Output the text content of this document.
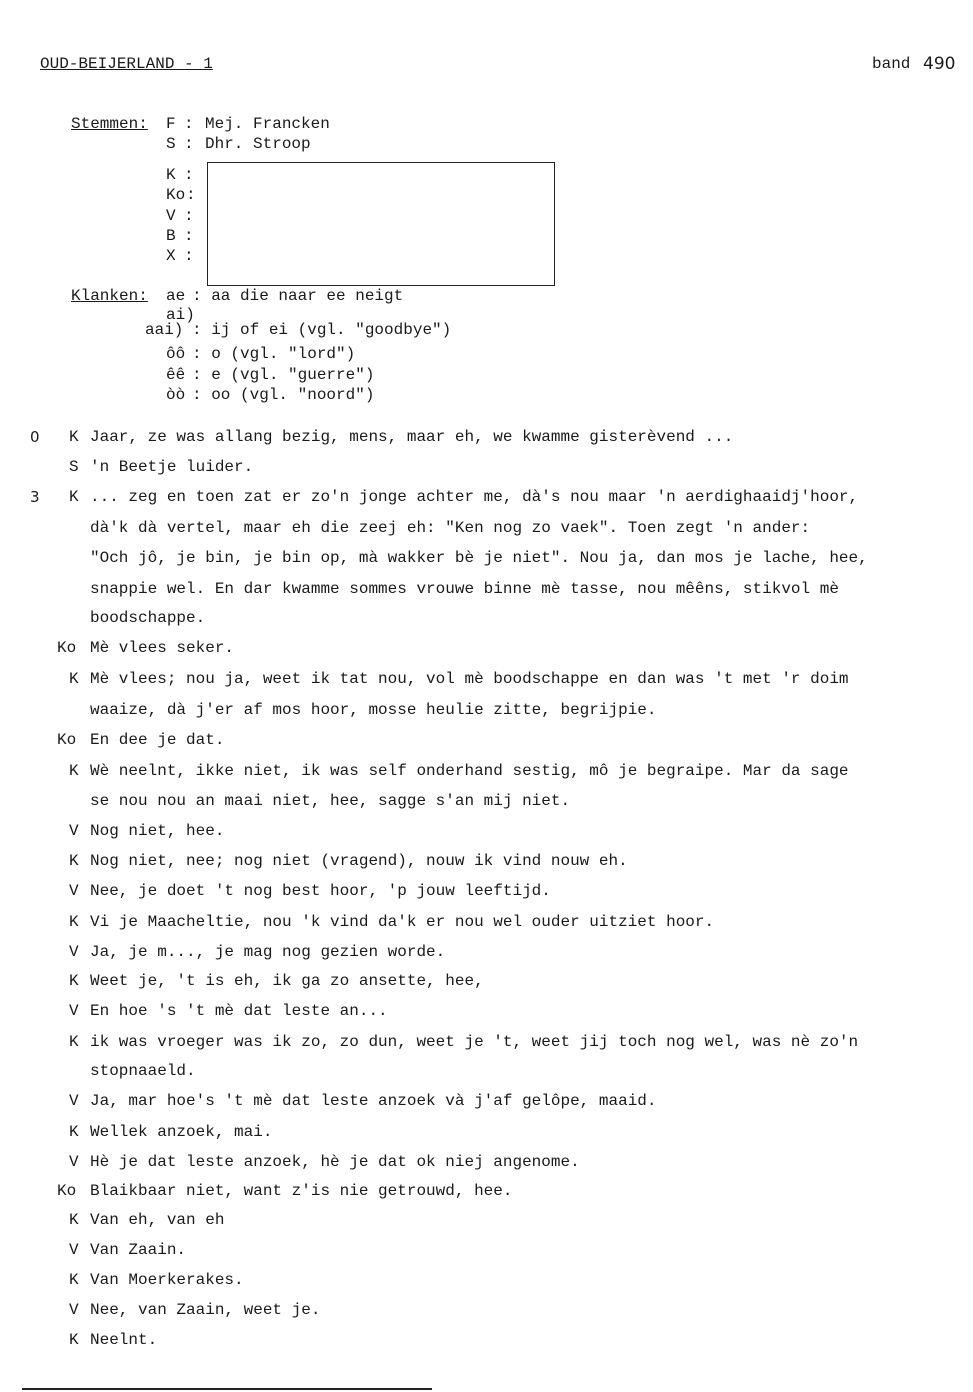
OUD-BEIJERLAND - 1	band 490
Stemmen: F : Mej. Francken
S : Dhr. Stroop
K :
Ko :
V :
B :
X :
Klanken: ae : aa die naar ee neigt
ai)
aai) : ij of ei (vgl. "goodbye")
ôô : o (vgl. "lord")
êê : e (vgl. "guerre")
òò : oo (vgl. "noord")
0
3
K Jaar, ze was allang bezig, mens, maar eh, we kwamme gisterèvend ...
S 'n Beetje luider.
K ... zeg en toen zat er zo'n jonge achter me, dà's nou maar 'n aerdighaaidj'hoor,
dà'k dà vertel, maar eh die zeej eh: "Ken nog zo vaek". Toen zegt 'n ander:
"Och jô, je bin, je bin op, mà wakker bè je niet". Nou ja, dan mos je lache, hee,
snappie wel. En dar kwamme sommes vrouwe binne mè tasse, nou mêêns, stikvol mè
boodschappe.
Ko Mè vlees seker.
K Mè vlees; nou ja, weet ik tat nou, vol mè boodschappe en dan was 't met 'r doim
waaize, dà j'er af mos hoor, mosse heulie zitte, begrijpie.
Ko En dee je dat.
K Wè neelnt, ikke niet, ik was self onderhand sestig, mô je begraipe. Mar da sage
se nou nou an maai niet, hee, sagge s'an mij niet.
V Nog niet, hee.
K Nog niet, nee; nog niet (vragend), nouw ik vind nouw eh.
V Nee, je doet 't nog best hoor, 'p jouw leeftijd.
K Vi je Maacheltie, nou 'k vind da'k er nou wel ouder uitziet hoor.
V Ja, je m..., je mag nog gezien worde.
K Weet je, 't is eh, ik ga zo ansette, hee,
V En hoe 's 't mè dat leste an...
K ik was vroeger was ik zo, zo dun, weet je 't, weet jij toch nog wel, was nè zo'n
stopnaaeld.
V Ja, mar hoe's 't mè dat leste anzoek và j'af gelôpe, maaid.
K Wellek anzoek, mai.
V Hè je dat leste anzoek, hè je dat ok niej angenome.
Ko Blaikbaar niet, want z'is nie getrouwd, hee.
K Van eh, van eh
V Van Zaain.
K Van Moerkerakes.
V Nee, van Zaain, weet je.
K Neelnt.
